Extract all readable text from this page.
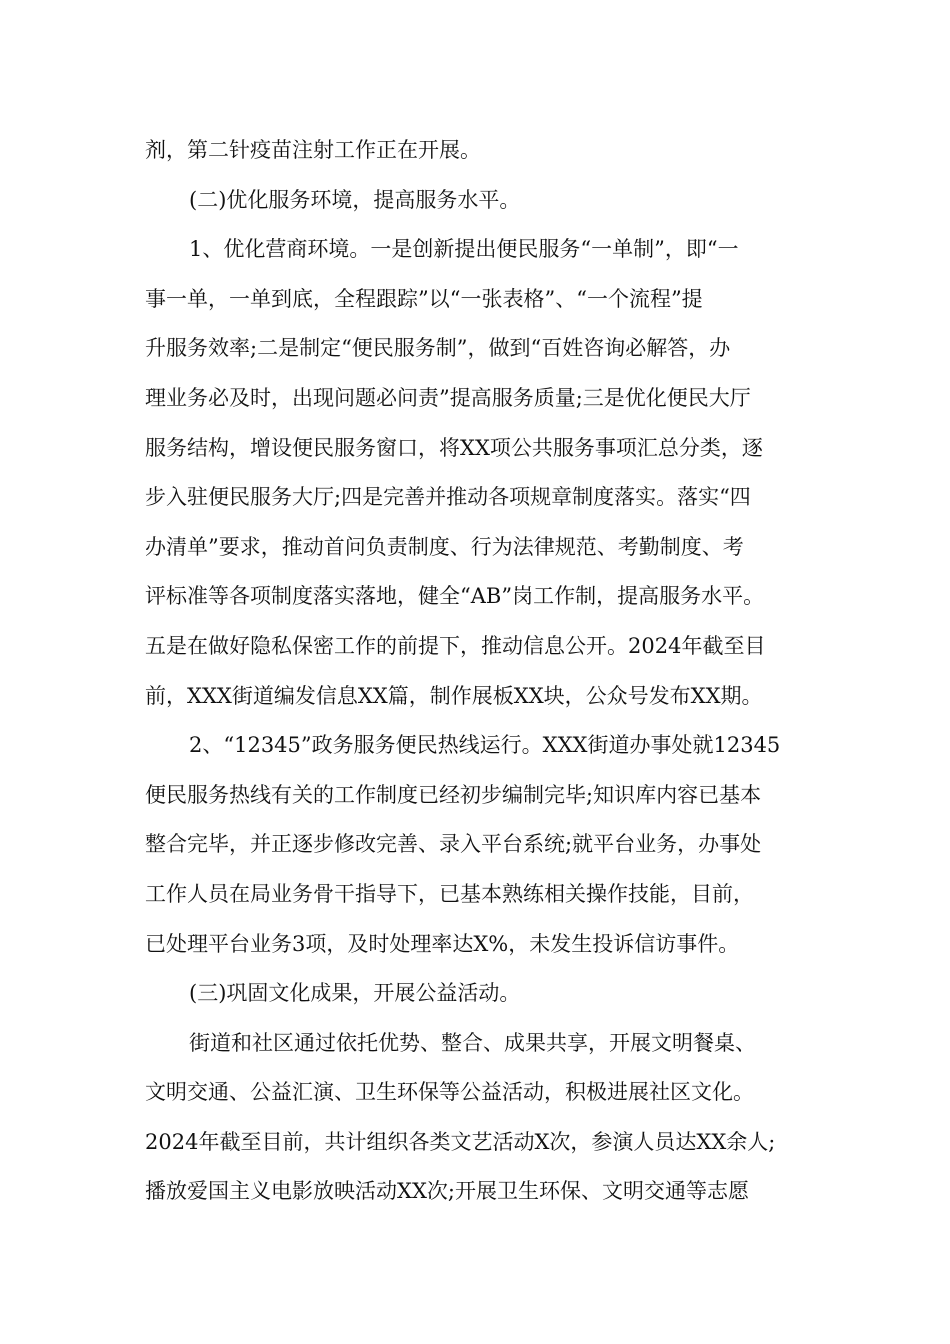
剂，第二针疫苗注射工作正在开展。
(二)优化服务环境，提高服务水平。
1、优化营商环境。一是创新提出便民服务“一单制”，即“一
事一单，一单到底，全程跟踪”以“一张表格”、“一个流程”提
升服务效率;二是制定“便民服务制”，做到“百姓咨询必解答，办
理业务必及时，出现问题必问责”提高服务质量;三是优化便民大厅
服务结构，增设便民服务窗口，将XX项公共服务事项汇总分类，逐
步入驻便民服务大厅;四是完善并推动各项规章制度落实。落实“四
办清单”要求，推动首问负责制度、行为法律规范、考勤制度、考
评标准等各项制度落实落地，健全“AB”岗工作制，提高服务水平。
五是在做好隐私保密工作的前提下，推动信息公开。2024年截至目
前，XXX街道编发信息XX篇，制作展板XX块，公众号发布XX期。
2、“12345”政务服务便民热线运行。XXX街道办事处就12345
便民服务热线有关的工作制度已经初步编制完毕;知识库内容已基本
整合完毕，并正逐步修改完善、录入平台系统;就平台业务，办事处
工作人员在局业务骨干指导下，已基本熟练相关操作技能，目前，
已处理平台业务3项，及时处理率达X%，未发生投诉信访事件。
(三)巩固文化成果，开展公益活动。
街道和社区通过依托优势、整合、成果共享，开展文明餐桌、
文明交通、公益汇演、卫生环保等公益活动，积极进展社区文化。
2024年截至目前，共计组织各类文艺活动X次，参演人员达XX余人;
播放爱国主义电影放映活动XX次;开展卫生环保、文明交通等志愿
